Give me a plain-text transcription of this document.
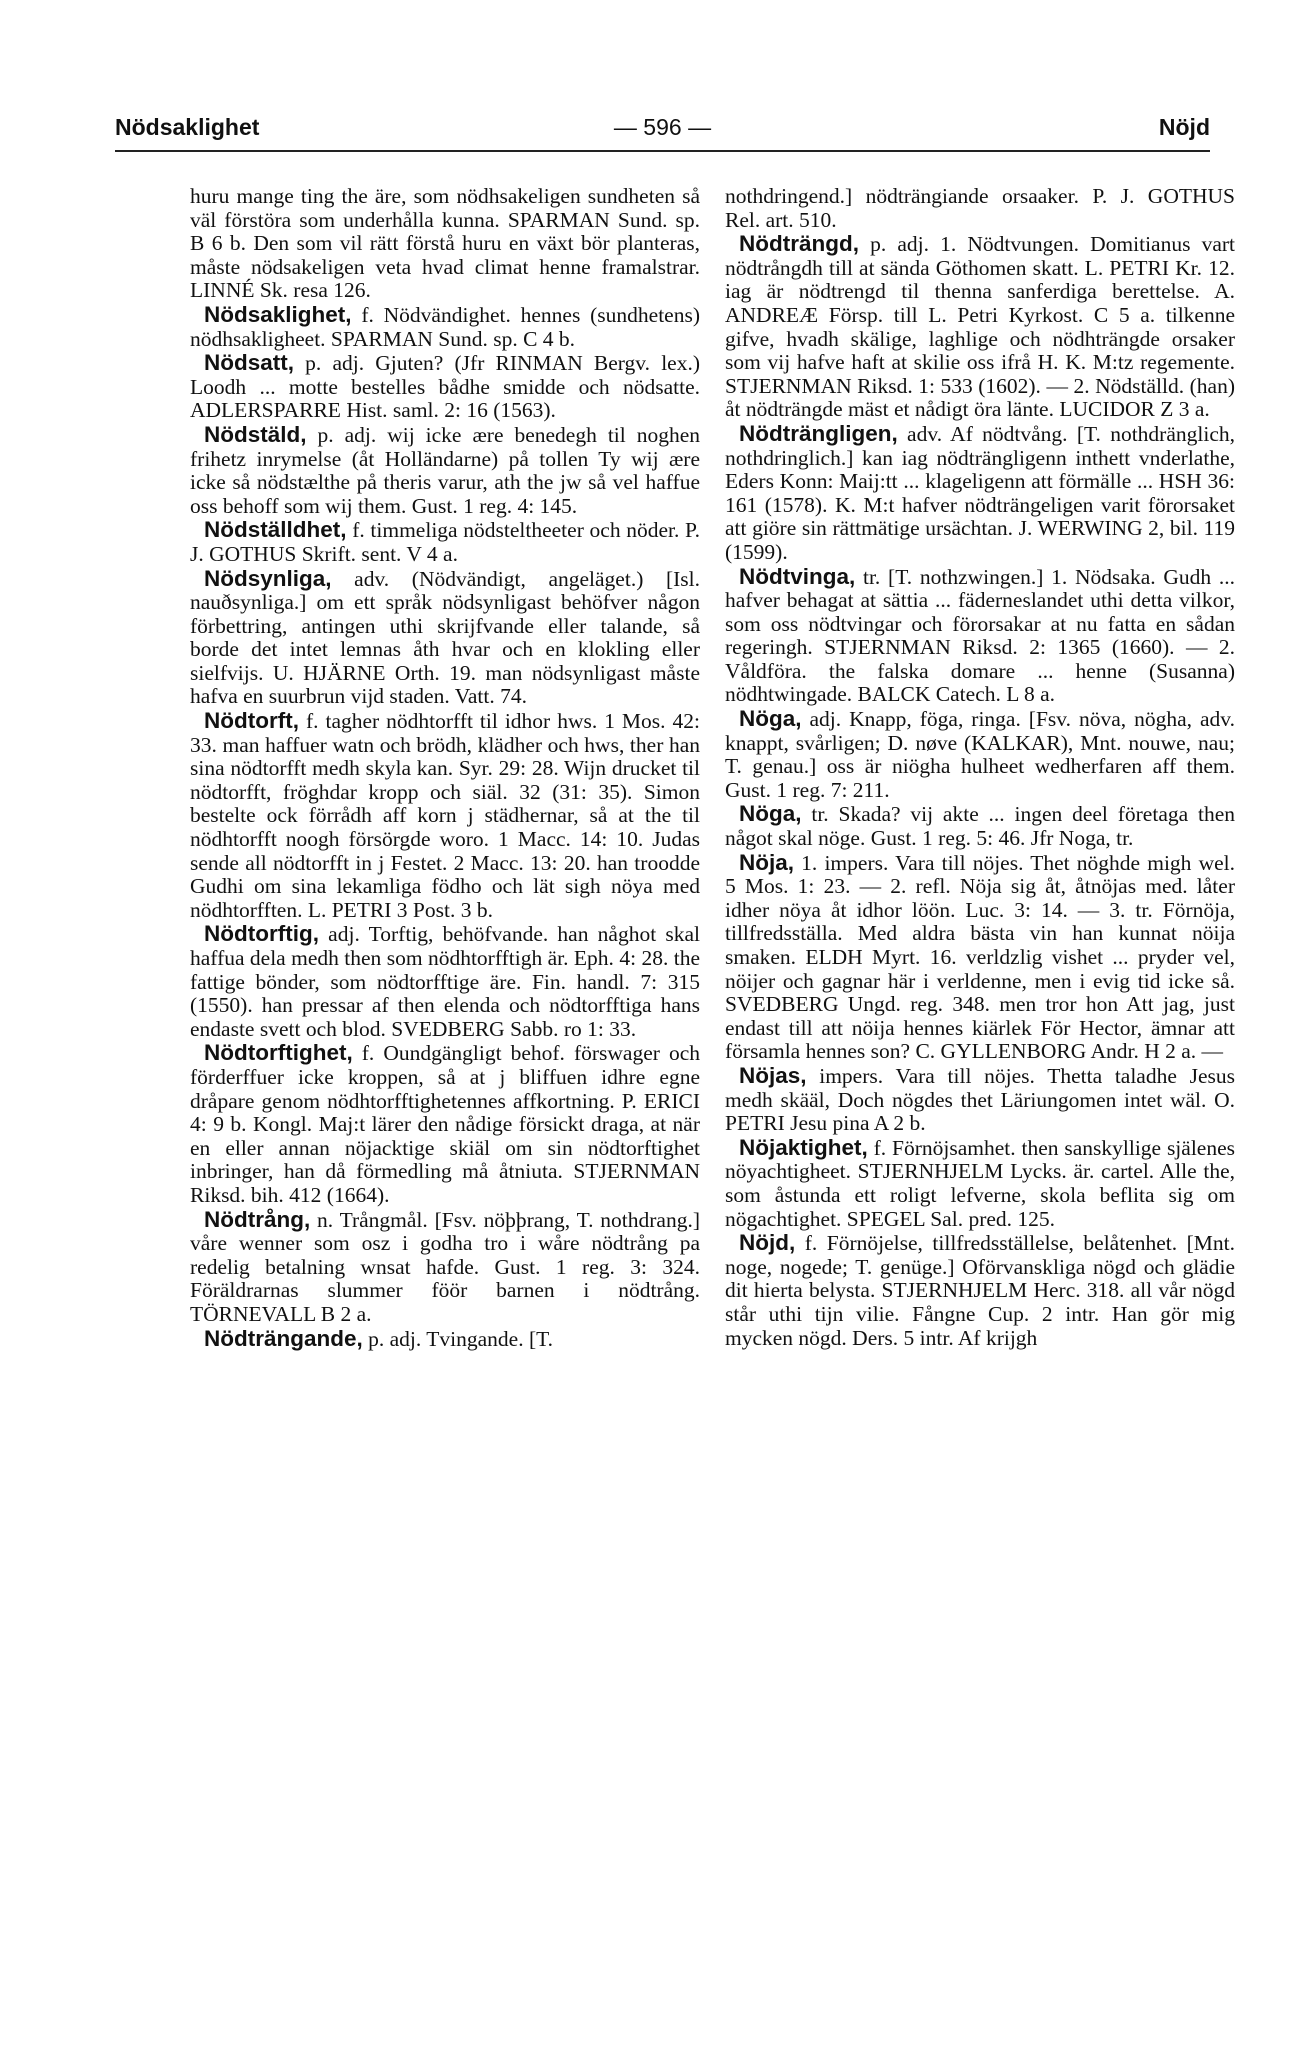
Nödsaklighet	— 596 —	Nöjd

huru mange ting the äre, som nödhsakeligen sundheten så väl förstöra som underhålla kunna. SPARMAN Sund. sp. B 6 b. Den som vil rätt förstå huru en växt bör planteras, måste nödsakeligen veta hvad climat henne framalstrar. LINNÉ Sk. resa 126.

Nödsaklighet, f. Nödvändighet. hennes (sundhetens) nödhsakligheet. SPARMAN Sund. sp. C 4 b.

Nödsatt, p. adj. Gjuten? (Jfr RINMAN Bergv. lex.) Loodh ... motte bestelles bådhe smidde och nödsatte. ADLERSPARRE Hist. saml. 2: 16 (1563).

Nödstäld, p. adj. wij icke ære benedegh til noghen frihetz inrymelse (åt Holländarne) på tollen Ty wij ære icke så nödstælthe på theris varur, ath the jw så vel haffue oss behoff som wij them. Gust. 1 reg. 4: 145.

Nödställdhet, f. timmeliga nödsteltheeter och nöder. P. J. GOTHUS Skrift. sent. V 4 a.

Nödsynliga, adv. (Nödvändigt, angeläget.) [Isl. nauðsynliga.] om ett språk nödsynligast behöfver någon förbettring, antingen uthi skrijfvande eller talande, så borde det intet lemnas åth hvar och en klokling eller sielfvijs. U. HJÄRNE Orth. 19. man nödsynligast måste hafva en suurbrun vijd staden. Vatt. 74.

Nödtorft, f. tagher nödhtorfft til idhor hws. 1 Mos. 42: 33. man haffuer watn och brödh, klädher och hws, ther han sina nödtorfft medh skyla kan. Syr. 29: 28. Wijn drucket til nödtorfft, fröghdar kropp och siäl. 32 (31: 35). Simon bestelte ock förrådh aff korn j städhernar, så at the til nödhtorfft noogh försörgde woro. 1 Macc. 14: 10. Judas sende all nödtorfft in j Festet. 2 Macc. 13: 20. han troodde Gudhi om sina lekamliga födho och lät sigh nöya med nödhtorfften. L. PETRI 3 Post. 3 b.

Nödtorftig, adj. Torftig, behöfvande. han någhot skal haffua dela medh then som nödhtorfftigh är. Eph. 4: 28. the fattige bönder, som nödtorfftige äre. Fin. handl. 7: 315 (1550). han pressar af then elenda och nödtorfftiga hans endaste svett och blod. SVEDBERG Sabb. ro 1: 33.

Nödtorftighet, f. Oundgängligt behof. förswager och förderffuer icke kroppen, så at j bliffuen idhre egne dråpare genom nödhtorfftighetennes affkortning. P. ERICI 4: 9 b. Kongl. Maj:t lärer den nådige försickt draga, at när en eller annan nöjacktige skiäl om sin nödtorftighet inbringer, han då förmedling må åtniuta. STJERNMAN Riksd. bih. 412 (1664).

Nödtrång, n. Trångmål. [Fsv. nöþþrang, T. nothdrang.] våre wenner som osz i godha tro i wåre nödtrång pa redelig betalning wnsat hafde. Gust. 1 reg. 3: 324. Föräldrarnas slummer föör barnen i nödtrång. TÖRNEVALL B 2 a.

Nödträngande, p. adj. Tvingande. [T.

nothdringend.] nödträngiande orsaaker. P. J. GOTHUS Rel. art. 510.

Nödträngd, p. adj. 1. Nödtvungen. Domitianus vart nödtrångdh till at sända Göthomen skatt. L. PETRI Kr. 12. iag är nödtrengd til thenna sanferdiga berettelse. A. ANDREÆ Försp. till L. Petri Kyrkost. C 5 a. tilkenne gifve, hvadh skälige, laghlige och nödhträngde orsaker som vij hafve haft at skilie oss ifrå H. K. M:tz regemente. STJERNMAN Riksd. 1: 533 (1602). — 2. Nödställd. (han) åt nödträngde mäst et nådigt öra länte. LUCIDOR Z 3 a.

Nödträngligen, adv. Af nödtvång. [T. nothdränglich, nothdringlich.] kan iag nödträngligenn inthett vnderlathe, Eders Konn: Maij:tt ... klageligenn att förmälle ... HSH 36: 161 (1578). K. M:t hafver nödträngeligen varit förorsaket att giöre sin rättmätige ursächtan. J. WERWING 2, bil. 119 (1599).

Nödtvinga, tr. [T. nothzwingen.] 1. Nödsaka. Gudh ... hafver behagat at sättia ... fäderneslandet uthi detta vilkor, som oss nödtvingar och förorsakar at nu fatta en sådan regeringh. STJERNMAN Riksd. 2: 1365 (1660). — 2. Våldföra. the falska domare ... henne (Susanna) nödhtwingade. BALCK Catech. L 8 a.

Nöga, adj. Knapp, föga, ringa. [Fsv. növa, nögha, adv. knappt, svårligen; D. nøve (KALKAR), Mnt. nouwe, nau; T. genau.] oss är niögha hulheet wedherfaren aff them. Gust. 1 reg. 7: 211.

Nöga, tr. Skada? vij akte ... ingen deel företaga then något skal nöge. Gust. 1 reg. 5: 46. Jfr Noga, tr.

Nöja, 1. impers. Vara till nöjes. Thet nöghde migh wel. 5 Mos. 1: 23. — 2. refl. Nöja sig åt, åtnöjas med. låter idher nöya åt idhor löön. Luc. 3: 14. — 3. tr. Förnöja, tillfredsställa. Med aldra bästa vin han kunnat nöija smaken. ELDH Myrt. 16. verldzlig vishet ... pryder vel, nöijer och gagnar här i verldenne, men i evig tid icke så. SVEDBERG Ungd. reg. 348. men tror hon Att jag, just endast till att nöija hennes kiärlek För Hector, ämnar att församla hennes son? C. GYLLENBORG Andr. H 2 a. —

Nöjas, impers. Vara till nöjes. Thetta taladhe Jesus medh skääl, Doch nögdes thet Läriungomen intet wäl. O. PETRI Jesu pina A 2 b.

Nöjaktighet, f. Förnöjsamhet. then sanskyllige själenes nöyachtigheet. STJERNHJELM Lycks. är. cartel. Alle the, som åstunda ett roligt lefverne, skola beflita sig om nögachtighet. SPEGEL Sal. pred. 125.

Nöjd, f. Förnöjelse, tillfredsställelse, belåtenhet. [Mnt. noge, nogede; T. genüge.] Oförvanskliga nögd och glädie dit hierta belysta. STJERNHJELM Herc. 318. all vår nögd står uthi tijn vilie. Fångne Cup. 2 intr. Han gör mig mycken nögd. Ders. 5 intr. Af krijgh
